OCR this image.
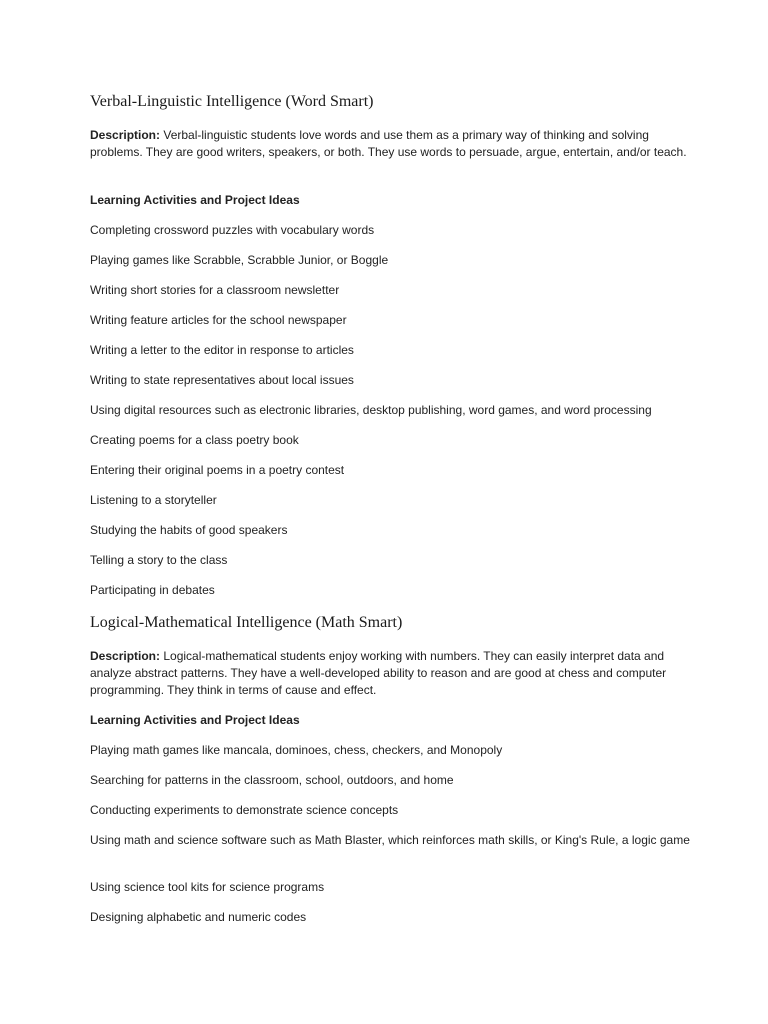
Verbal-Linguistic Intelligence (Word Smart)
Description: Verbal-linguistic students love words and use them as a primary way of thinking and solving problems. They are good writers, speakers, or both. They use words to persuade, argue, entertain, and/or teach.
Learning Activities and Project Ideas
Completing crossword puzzles with vocabulary words
Playing games like Scrabble, Scrabble Junior, or Boggle
Writing short stories for a classroom newsletter
Writing feature articles for the school newspaper
Writing a letter to the editor in response to articles
Writing to state representatives about local issues
Using digital resources such as electronic libraries, desktop publishing, word games, and word processing
Creating poems for a class poetry book
Entering their original poems in a poetry contest
Listening to a storyteller
Studying the habits of good speakers
Telling a story to the class
Participating in debates
Logical-Mathematical Intelligence (Math Smart)
Description: Logical-mathematical students enjoy working with numbers. They can easily interpret data and analyze abstract patterns. They have a well-developed ability to reason and are good at chess and computer programming. They think in terms of cause and effect.
Learning Activities and Project Ideas
Playing math games like mancala, dominoes, chess, checkers, and Monopoly
Searching for patterns in the classroom, school, outdoors, and home
Conducting experiments to demonstrate science concepts
Using math and science software such as Math Blaster, which reinforces math skills, or King's Rule, a logic game
Using science tool kits for science programs
Designing alphabetic and numeric codes
